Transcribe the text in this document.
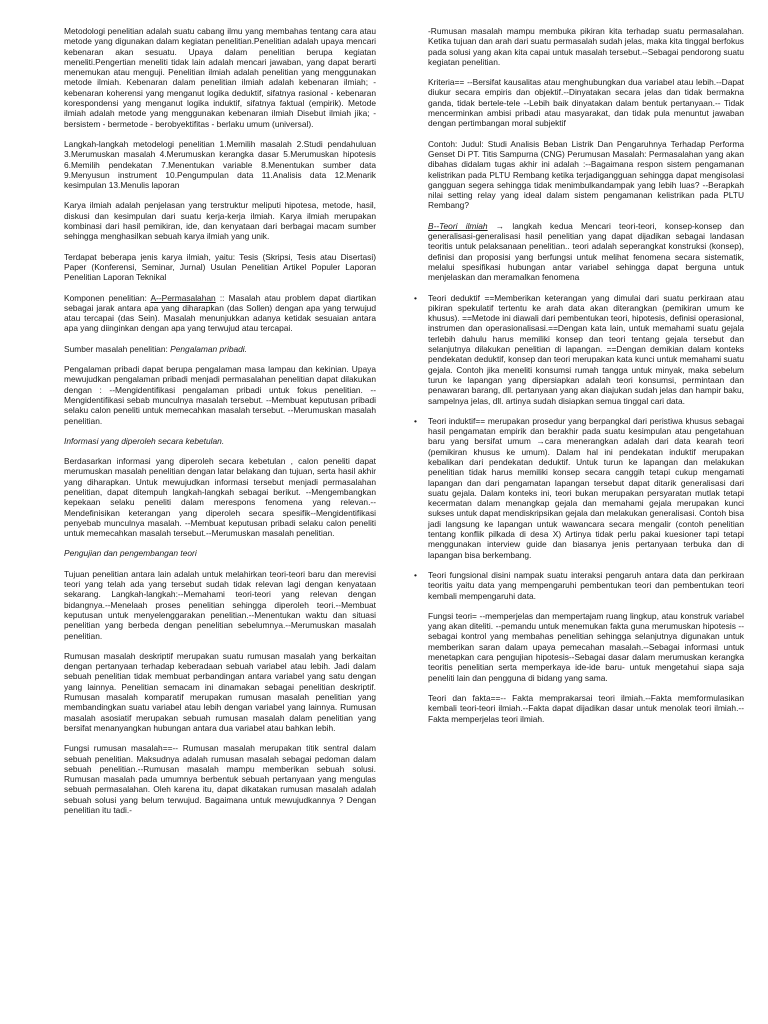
Metodologi penelitian adalah suatu cabang ilmu yang membahas tentang cara atau metode yang digunakan dalam kegiatan penelitian.Penelitian adalah upaya mencari kebenaran akan sesuatu. Upaya dalam penelitian berupa kegiatan meneliti.Pengertian meneliti tidak lain adalah mencari jawaban, yang dapat berarti menemukan atau menguji. Penelitian ilmiah adalah penelitian yang menggunakan metode ilmiah. Kebenaran dalam penelitian ilmiah adalah kebenaran ilmiah; - kebenaran koherensi yang menganut logika deduktif, sifatnya rasional - kebenaran korespondensi yang menganut logika induktif, sifatnya faktual (empirik). Metode ilmiah adalah metode yang menggunakan kebenaran ilmiah Disebut ilmiah jika; - bersistem - bermetode - berobyektifitas - berlaku umum (universal).

Langkah-langkah metodelogi penelitian 1.Memilih masalah 2.Studi pendahuluan 3.Merumuskan masalah 4.Merumuskan kerangka dasar 5.Merumuskan hipotesis 6.Memilih pendekatan 7.Menentukan variable 8.Menentukan sumber data 9.Menyusun instrument 10.Pengumpulan data 11.Analisis data 12.Menarik kesimpulan 13.Menulis laporan

Karya ilmiah adalah penjelasan yang terstruktur meliputi hipotesa, metode, hasil, diskusi dan kesimpulan dari suatu kerja-kerja ilmiah. Karya ilmiah merupakan kombinasi dari hasil pemikiran, ide, dan kenyataan dari berbagai macam sumber sehingga menghasilkan sebuah karya ilmiah yang unik.

Terdapat beberapa jenis karya ilmiah, yaitu: Tesis (Skripsi, Tesis atau Disertasi) Paper (Konferensi, Seminar, Jurnal) Usulan Penelitian Artikel Populer Laporan Penelitian Laporan Teknikal

Komponen penelitian: A--Permasalahan :: Masalah atau problem dapat diartikan sebagai jarak antara apa yang diharapkan (das Sollen) dengan apa yang terwujud atau tercapai (das Sein). Masalah menunjukkan adanya ketidak sesuaian antara apa yang diinginkan dengan apa yang terwujud atau tercapai.

Sumber masalah penelitian: Pengalaman pribadi.

Pengalaman pribadi dapat berupa pengalaman masa lampau dan kekinian. Upaya mewujudkan pengalaman pribadi menjadi permasalahan penelitian dapat dilakukan dengan : --Mengidentifikasi pengalaman pribadi untuk fokus penelitian. --Mengidentifikasi sebab munculnya masalah tersebut. --Membuat keputusan pribadi selaku calon peneliti untuk memecahkan masalah tersebut. --Merumuskan masalah penelitian.

Informasi yang diperoleh secara kebetulan.

Berdasarkan informasi yang diperoleh secara kebetulan , calon peneliti dapat merumuskan masalah penelitian dengan latar belakang dan tujuan, serta hasil akhir yang diharapkan. Untuk mewujudkan informasi tersebut menjadi permasalahan penelitian, dapat ditempuh langkah-langkah sebagai berikut. --Mengembangkan kepekaan selaku peneliti dalam merespons fenomena yang relevan.--Mendefinisikan keterangan yang diperoleh secara spesifik--Mengidentifikasi penyebab munculnya masalah. --Membuat keputusan pribadi selaku calon peneliti untuk memecahkan masalah tersebut.--Merumuskan masalah penelitian.

Pengujian dan pengembangan teori

Tujuan penelitian antara lain adalah untuk melahirkan teori-teori baru dan merevisi teori yang telah ada yang tersebut sudah tidak relevan lagi dengan kenyataan sekarang. Langkah-langkah:--Memahami teori-teori yang relevan dengan bidangnya.--Menelaah proses penelitian sehingga diperoleh teori.--Membuat keputusan untuk menyelenggarakan penelitian.--Menentukan waktu dan situasi penelitian yang berbeda dengan penelitian sebelumnya.--Merumuskan masalah penelitian.

Rumusan masalah deskriptif merupakan suatu rumusan masalah yang berkaitan dengan pertanyaan terhadap keberadaan sebuah variabel atau lebih. Jadi dalam sebuah penelitian tidak membuat perbandingan antara variabel yang satu dengan yang lainnya. Penelitian semacam ini dinamakan sebagai penelitian deskriptif. Rumusan masalah komparatif merupakan rumusan masalah penelitian yang membandingkan suatu variabel atau lebih dengan variabel yang lainnya. Rumusan masalah asosiatif merupakan sebuah rumusan masalah dalam penelitian yang bersifat menanyangkan hubungan antara dua variabel atau bahkan lebih.

Fungsi rumusan masalah==-- Rumusan masalah merupakan titik sentral dalam sebuah penelitian. Maksudnya adalah rumusan masalah sebagai pedoman dalam sebuah penelitian.--Rumusan masalah mampu memberikan sebuah solusi. Rumusan masalah pada umumnya berbentuk sebuah pertanyaan yang mengulas sebuah permasalahan. Oleh karena itu, dapat dikatakan rumusan masalah adalah sebuah solusi yang belum terwujud. Bagaimana untuk mewujudkannya ? Dengan penelitian itu tadi.-

-Rumusan masalah mampu membuka pikiran kita terhadap suatu permasalahan. Ketika tujuan dan arah dari suatu permasalah sudah jelas, maka kita tinggal berfokus pada solusi yang akan kita capai untuk masalah tersebut.--Sebagai pendorong suatu kegiatan penelitian.

Kriteria== --Bersifat kausalitas atau menghubungkan dua variabel atau lebih.--Dapat diukur secara empiris dan objektif.--Dinyatakan secara jelas dan tidak bermakna ganda, tidak bertele-tele --Lebih baik dinyatakan dalam bentuk pertanyaan.-- Tidak mencerminkan ambisi pribadi atau masyarakat, dan tidak pula menuntut jawaban dengan pertimbangan moral subjektif

Contoh: Judul: Studi Analisis Beban Listrik Dan Pengaruhnya Terhadap Performa Genset Di PT. Titis Sampurna (CNG) Perumusan Masalah: Permasalahan yang akan dibahas didalam tugas akhir ini adalah :--Bagaimana respon sistem pengamanan kelistrikan pada PLTU Rembang ketika terjadigangguan sehingga dapat mengisolasi gangguan segera sehingga tidak menimbulkandampak yang lebih luas? --Berapkah nilai setting relay yang ideal dalam sistem pengamanan kelistrikan pada PLTU Rembang?

B--Teori ilmiah → langkah kedua Mencari teori-teori, konsep-konsep dan generalisasi-generalisasi hasil penelitian yang dapat dijadikan sebagai landasan teoritis untuk pelaksanaan penelitian.. teori adalah seperangkat konstruksi (konsep), definisi dan proposisi yang berfungsi untuk melihat fenomena secara sistematik, melalui spesifikasi hubungan antar variabel sehingga dapat berguna untuk menjelaskan dan meramalkan fenomena

• Teori deduktif ==Memberikan keterangan yang dimulai dari suatu perkiraan atau pikiran spekulatif tertentu ke arah data akan diterangkan (pemikiran umum ke khusus). ==Metode ini diawali dari pembentukan teori, hipotesis, definisi operasional, instrumen dan operasionalisasi.==Dengan kata lain, untuk memahami suatu gejala terlebih dahulu harus memiliki konsep dan teori tentang gejala tersebut dan selanjutnya dilakukan penelitian di lapangan. ==Dengan demikian dalam konteks pendekatan deduktif, konsep dan teori merupakan kata kunci untuk memahami suatu gejala. Contoh jika meneliti konsumsi rumah tangga untuk minyak, maka sebelum turun ke lapangan yang dipersiapkan adalah teori konsumsi, permintaan dan penawaran barang, dll. pertanyaan yang akan diajukan sudah jelas dan hampir baku, sampelnya jelas, dll. artinya sudah disiapkan semua tinggal cari data.
• Teori induktif== merupakan prosedur yang berpangkal dari peristiwa khusus sebagai hasil pengamatan empirik dan berakhir pada suatu kesimpulan atau pengetahuan baru yang bersifat umum →cara menerangkan adalah dari data kearah teori (pemikiran khusus ke umum). Dalam hal ini pendekatan induktif merupakan kebalikan dari pendekatan deduktif. Untuk turun ke lapangan dan melakukan penelitian tidak harus memiliki konsep secara canggih tetapi cukup mengamati lapangan dan dari pengamatan lapangan tersebut dapat ditarik generalisasi dari suatu gejala. Dalam konteks ini, teori bukan merupakan persyaratan mutlak tetapi kecermatan dalam menangkap gejala dan memahami gejala merupakan kunci sukses untuk dapat mendiskripsikan gejala dan melakukan generalisasi. Contoh bisa jadi langsung ke lapangan untuk wawancara secara mengalir (contoh penelitian tentang konflik pilkada di desa X) Artinya tidak perlu pakai kuesioner tapi tetapi menggunakan interview guide dan biasanya jenis pertanyaan terbuka dan di lapangan bisa berkembang.
• Teori fungsional disini nampak suatu interaksi pengaruh antara data dan perkiraan teoritis yaitu data yang mempengaruhi pembentukan teori dan pembentukan teori kembali mempengaruhi data.

Fungsi teori= --memperjelas dan mempertajam ruang lingkup, atau konstruk variabel yang akan diteliti. --pemandu untuk menemukan fakta guna merumuskan hipotesis --sebagai kontrol yang membahas penelitian sehingga selanjutnya digunakan untuk memberikan saran dalam upaya pemecahan masalah.--Sebagai informasi untuk menetapkan cara pengujian hipotesis--Sebagai dasar dalam merumuskan kerangka teoritis penelitian serta memperkaya ide-ide baru- untuk mengetahui siapa saja peneliti lain dan pengguna di bidang yang sama.

Teori dan fakta==-- Fakta memprakarsai teori ilmiah.--Fakta memformulasikan kembali teori-teori ilmiah.--Fakta dapat dijadikan dasar untuk menolak teori ilmiah.--Fakta memperjelas teori ilmiah.
